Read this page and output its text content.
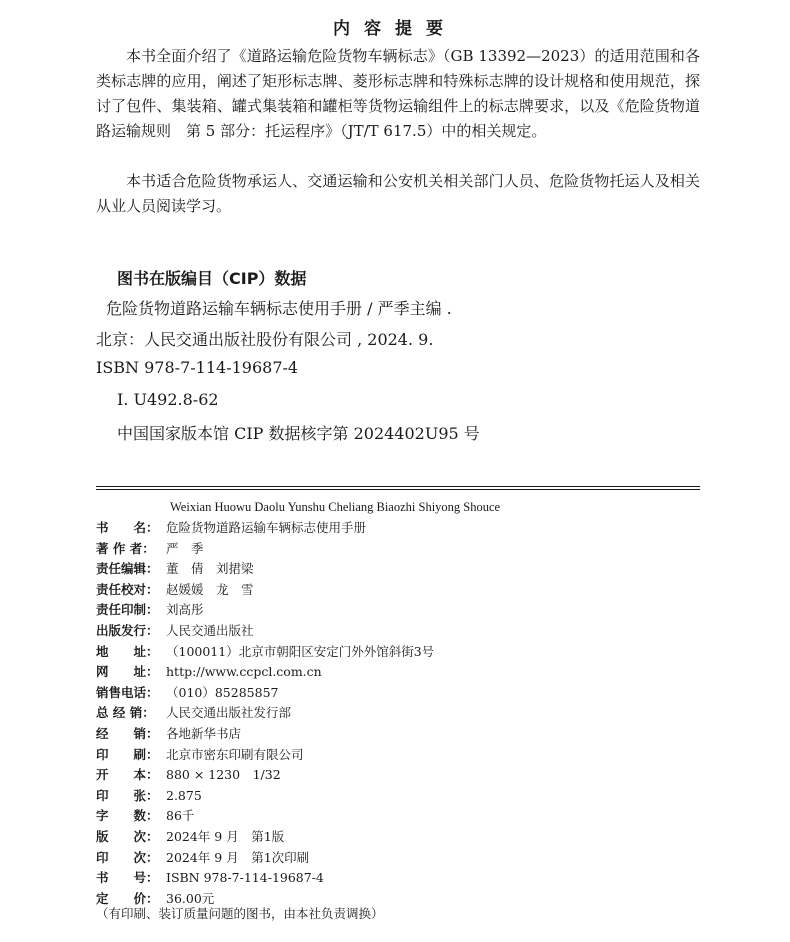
内容提要

本书全面介绍了《道路运输危险货物车辆标志》（GB 13392—2023）的适用范围和各类标志牌的应用，阐述了矩形标志牌、菱形标志牌和特殊标志牌的设计规格和使用规范，探讨了包件、集装箱、罐式集装箱和罐柜等货物运输组件上的标志牌要求，以及《危险货物道路运输规则　第 5 部分：托运程序》（JT/T 617.5）中的相关规定。

本书适合危险货物承运人、交通运输和公安机关相关部门人员、危险货物托运人及相关从业人员阅读学习。

图书在版编目（CIP）数据
危险货物道路运输车辆标志使用手册 / 严季主编 .
北京：人民交通出版社股份有限公司 , 2024. 9.
ISBN 978-7-114-19687-4
Ⅰ. U492.8-62
中国国家版本馆 CIP 数据核字第 2024402U95 号
Weixian Huowu Daolu Yunshu Cheliang Biaozhi Shiyong Shouce
书　　名： 危险货物道路运输车辆标志使用手册
著 作 者： 严　季
责任编辑： 董　倩　刘捃梁
责任校对： 赵媛媛　龙　雪
责任印制： 刘高彤
出版发行： 人民交通出版社
地　　址： （100011）北京市朝阳区安定门外外馆斜街3号
网　　址： http://www.ccpcl.com.cn
销售电话： （010）85285857
总 经 销： 人民交通出版社发行部
经　　销： 各地新华书店
印　　刷： 北京市密东印刷有限公司
开　　本： 880 × 1230　1/32
印　　张： 2.875
字　　数： 86千
版　　次： 2024年 9 月　第1版
印　　次： 2024年 9 月　第1次印刷
书　　号： ISBN 978-7-114-19687-4
定　　价： 36.00元
（有印刷、装订质量问题的图书，由本社负责调换）
